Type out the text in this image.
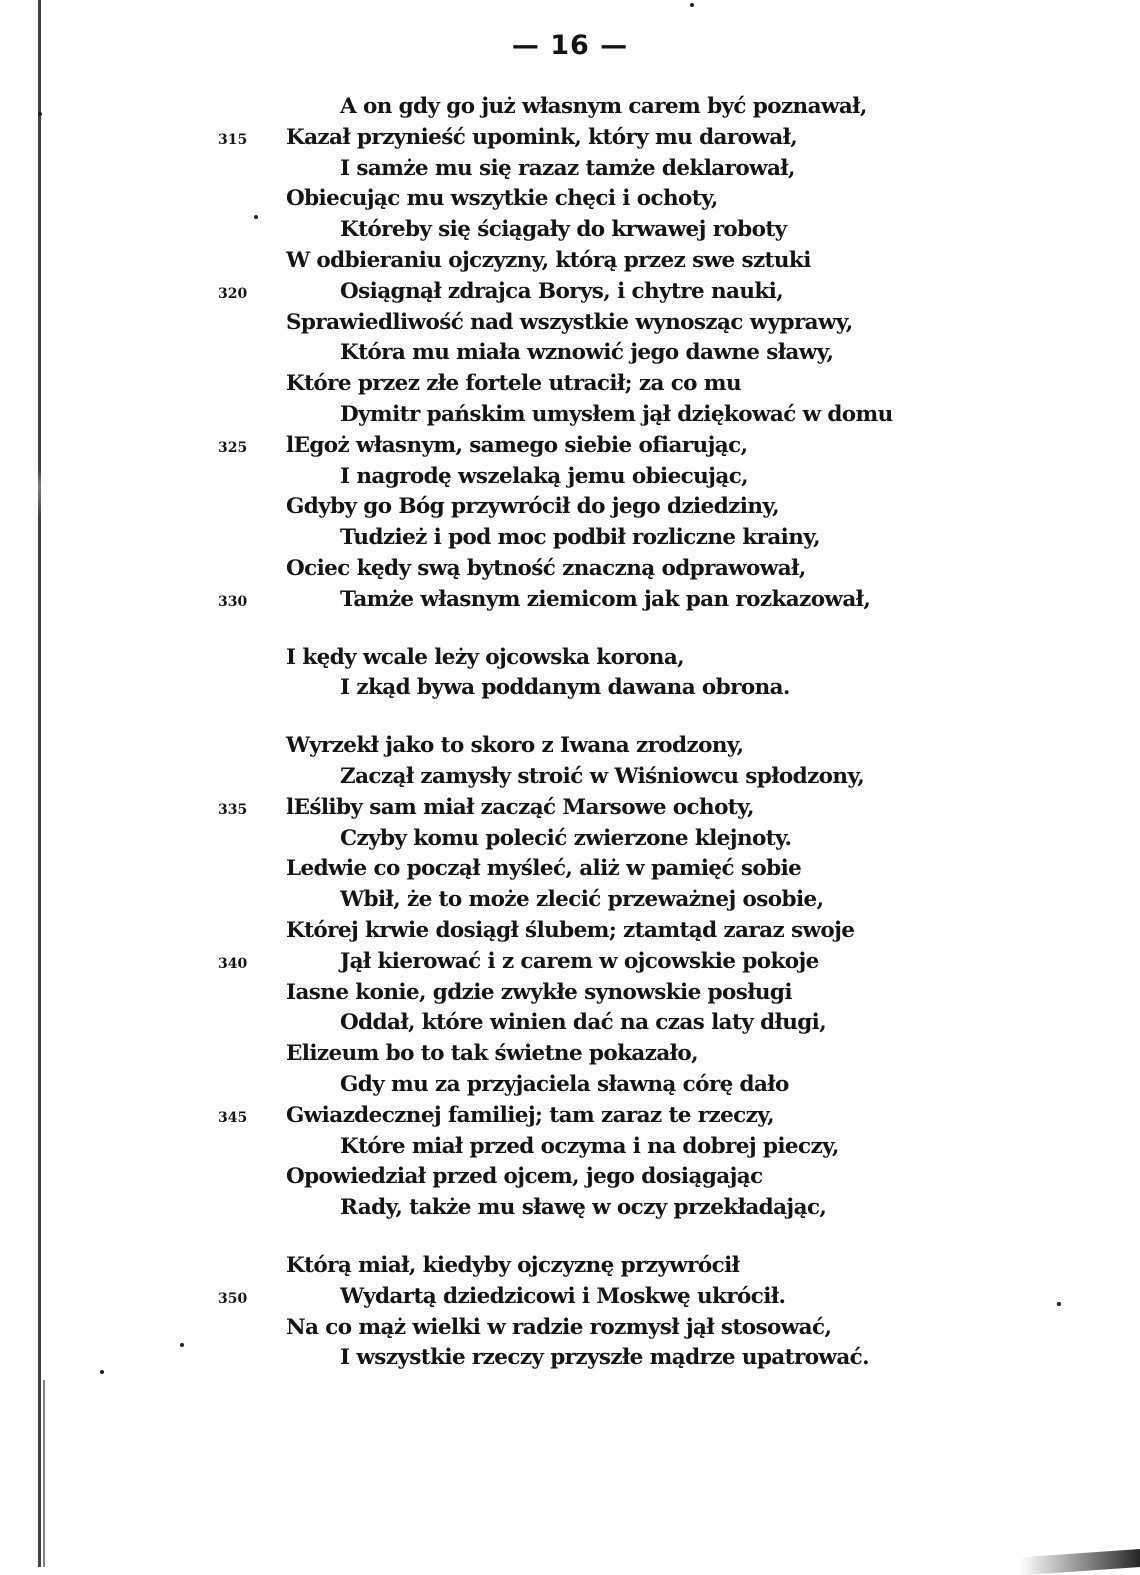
— 16 —
A on gdy go już własnym carem być poznawał,
Kazał przynieść upomink, który mu darował,
315
I samże mu się razaz tamże deklarował,
Obiecując mu wszytkie chęci i ochoty,
Któreby się ściągały do krwawej roboty
W odbieraniu ojczyzny, którą przez swe sztuki
Osiągnął zdrajca Borys, i chytre nauki,
320
Sprawiedliwość nad wszystkie wynosząc wyprawy,
Która mu miała wznowić jego dawne sławy,
Które przez złe fortele utracił; za co mu
Dymitr pańskim umysłem jął dziękować w domu
lEgoż własnym, samego siebie ofiarując,
325
I nagrodę wszelaką jemu obiecując,
Gdyby go Bóg przywrócił do jego dziedziny,
Tudzież i pod moc podbił rozliczne krainy,
Ociec kędy swą bytność znaczną odprawował,
Tamże własnym ziemicom jak pan rozkazował,
330
I kędy wcale leży ojcowska korona,
I zkąd bywa poddanym dawana obrona.
Wyrzekł jako to skoro z Iwana zrodzony,
Zaczął zamysły stroić w Wiśniowcu spłodzony,
lEśliby sam miał zacząć Marsowe ochoty,
335
Czyby komu polecić zwierzone klejnoty.
Ledwie co począł myśleć, aliż w pamięć sobie
Wbił, że to może zlecić przeważnej osobie,
Której krwie dosiągł ślubem; ztamtąd zaraz swoje
Jął kierować i z carem w ojcowskie pokoje
340
Iasne konie, gdzie zwykłe synowskie posługi
Oddał, które winien dać na czas laty długi,
Elizeum bo to tak świetne pokazało,
Gdy mu za przyjaciela sławną córę dało
Gwiazdecznej familiej; tam zaraz te rzeczy,
345
Które miał przed oczyma i na dobrej pieczy,
Opowiedział przed ojcem, jego dosiągając
Rady, także mu sławę w oczy przekładając,
Którą miał, kiedyby ojczyznę przywrócił
Wydartą dziedzicowi i Moskwę ukrócił.
350
Na co mąż wielki w radzie rozmysł jął stosować,
I wszystkie rzeczy przyszłe mądrze upatrować.
